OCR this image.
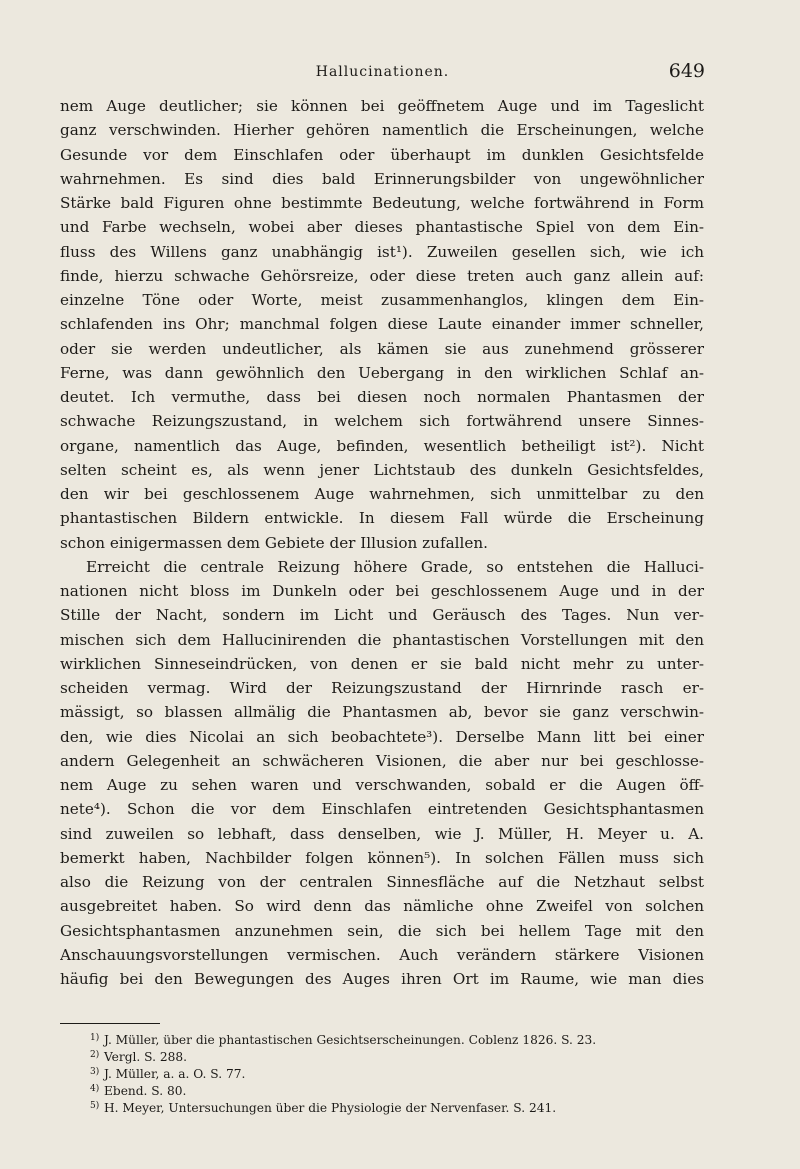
Hallucinationen.	649
nem Auge deutlicher; sie können bei geöffnetem Auge und im Tageslicht
ganz verschwinden. Hierher gehören namentlich die Erscheinungen, welche
Gesunde vor dem Einschlafen oder überhaupt im dunklen Gesichtsfelde
wahrnehmen. Es sind dies bald Erinnerungsbilder von ungewöhnlicher
Stärke bald Figuren ohne bestimmte Bedeutung, welche fortwährend in Form
und Farbe wechseln, wobei aber dieses phantastische Spiel von dem Ein-
fluss des Willens ganz unabhängig ist¹). Zuweilen gesellen sich, wie ich
finde, hierzu schwache Gehörsreize, oder diese treten auch ganz allein auf:
einzelne Töne oder Worte, meist zusammenhanglos, klingen dem Ein-
schlafenden ins Ohr; manchmal folgen diese Laute einander immer schneller,
oder sie werden undeutlicher, als kämen sie aus zunehmend grösserer
Ferne, was dann gewöhnlich den Uebergang in den wirklichen Schlaf an-
deutet. Ich vermuthe, dass bei diesen noch normalen Phantasmen der
schwache Reizungszustand, in welchem sich fortwährend unsere Sinnes-
organe, namentlich das Auge, befinden, wesentlich betheiligt ist²). Nicht
selten scheint es, als wenn jener Lichtstaub des dunkeln Gesichtsfeldes,
den wir bei geschlossenem Auge wahrnehmen, sich unmittelbar zu den
phantastischen Bildern entwickle. In diesem Fall würde die Erscheinung
schon einigermassen dem Gebiete der Illusion zufallen.
Erreicht die centrale Reizung höhere Grade, so entstehen die Halluci-
nationen nicht bloss im Dunkeln oder bei geschlossenem Auge und in der
Stille der Nacht, sondern im Licht und Geräusch des Tages. Nun ver-
mischen sich dem Hallucinirenden die phantastischen Vorstellungen mit den
wirklichen Sinneseindrücken, von denen er sie bald nicht mehr zu unter-
scheiden vermag. Wird der Reizungszustand der Hirnrinde rasch er-
mässigt, so blassen allmälig die Phantasmen ab, bevor sie ganz verschwin-
den, wie dies Nicolai an sich beobachtete³). Derselbe Mann litt bei einer
andern Gelegenheit an schwächeren Visionen, die aber nur bei geschlosse-
nem Auge zu sehen waren und verschwanden, sobald er die Augen öff-
nete⁴). Schon die vor dem Einschlafen eintretenden Gesichtsphantasmen
sind zuweilen so lebhaft, dass denselben, wie J. Müller, H. Meyer u. A.
bemerkt haben, Nachbilder folgen können⁵). In solchen Fällen muss sich
also die Reizung von der centralen Sinnesfläche auf die Netzhaut selbst
ausgebreitet haben. So wird denn das nämliche ohne Zweifel von solchen
Gesichtsphantasmen anzunehmen sein, die sich bei hellem Tage mit den
Anschauungsvorstellungen vermischen. Auch verändern stärkere Visionen
häufig bei den Bewegungen des Auges ihren Ort im Raume, wie man dies
1) J. Müller, über die phantastischen Gesichtserscheinungen. Coblenz 1826. S. 23.
2) Vergl. S. 288.
3) J. Müller, a. a. O. S. 77.
4) Ebend. S. 80.
5) H. Meyer, Untersuchungen über die Physiologie der Nervenfaser. S. 241.
